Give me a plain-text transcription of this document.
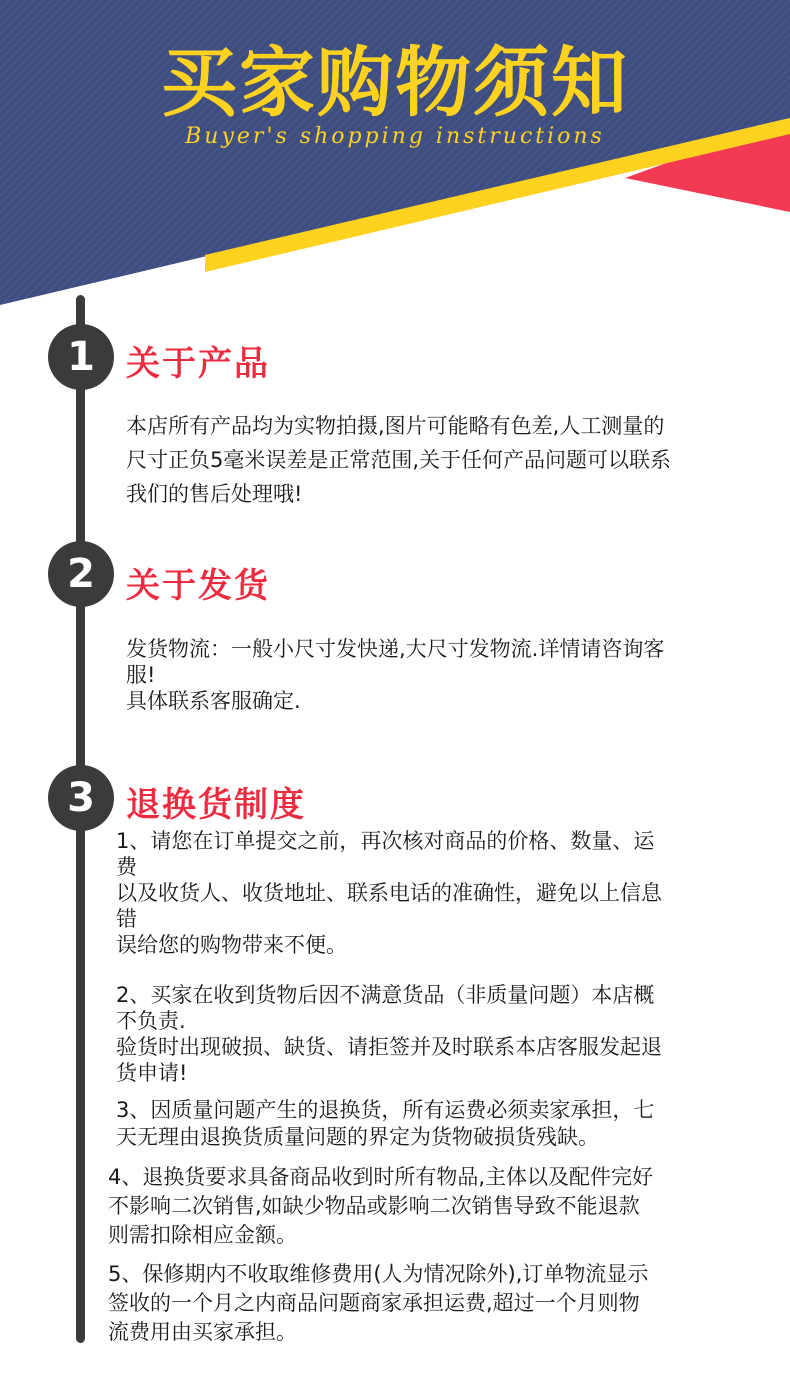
买家购物须知
Buyer's shopping instructions
1 关于产品
本店所有产品均为实物拍摄,图片可能略有色差,人工测量的
尺寸正负5毫米误差是正常范围,关于任何产品问题可以联系
我们的售后处理哦!
2 关于发货
发货物流：一般小尺寸发快递,大尺寸发物流.详情请咨询客
服!
具体联系客服确定.
3 退换货制度
1、请您在订单提交之前，再次核对商品的价格、数量、运
费
以及收货人、收货地址、联系电话的准确性，避免以上信息
错
误给您的购物带来不便。
2、买家在收到货物后因不满意货品（非质量问题）本店概
不负责.
验货时出现破损、缺货、请拒签并及时联系本店客服发起退
货申请!
3、因质量问题产生的退换货，所有运费必须卖家承担，七
天无理由退换货质量问题的界定为货物破损货残缺。
4、退换货要求具备商品收到时所有物品,主体以及配件完好
不影响二次销售,如缺少物品或影响二次销售导致不能退款
则需扣除相应金额。
5、保修期内不收取维修费用(人为情况除外),订单物流显示
签收的一个月之内商品问题商家承担运费,超过一个月则物
流费用由买家承担。
